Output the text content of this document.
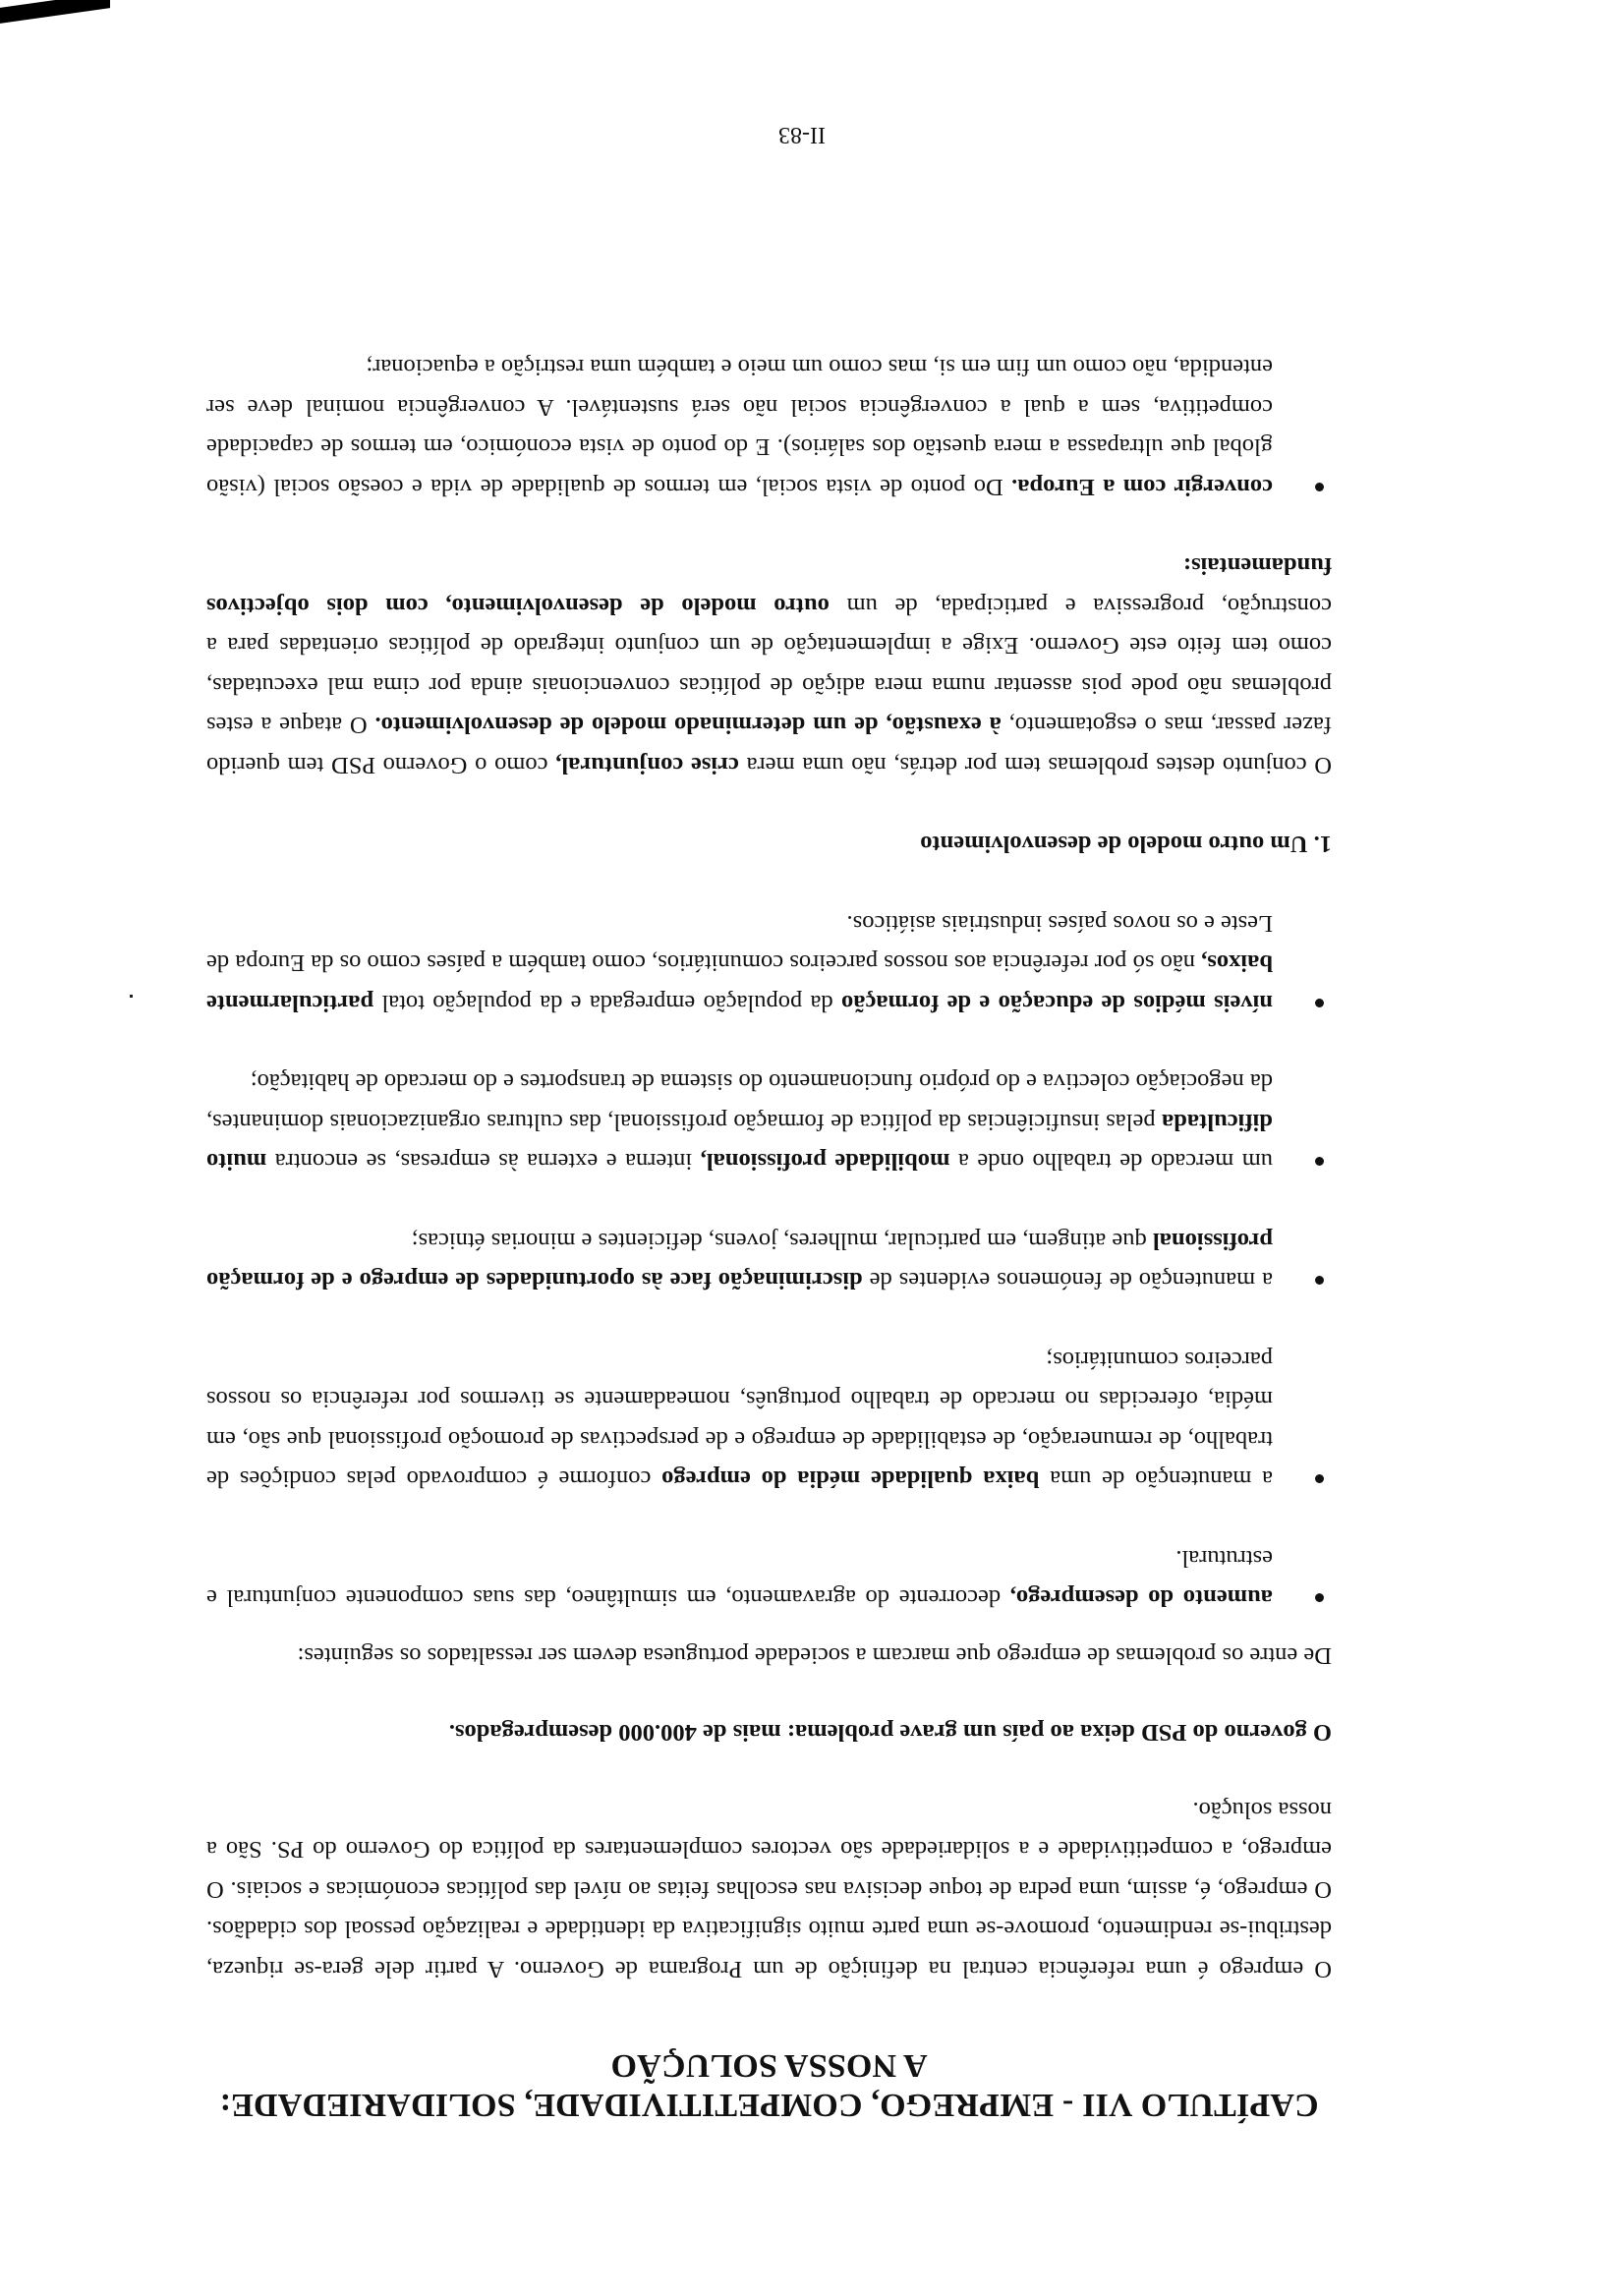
CAPÍTULO VII - EMPREGO, COMPETITIVIDADE, SOLIDARIEDADE:
A NOSSA SOLUÇÃO

O emprego é uma referência central na definição de um Programa de Governo. A partir dele gera-se riqueza, destribui-se rendimento, promove-se uma parte muito significativa da identidade e realização pessoal dos cidadãos. O emprego, é, assim, uma pedra de toque decisiva nas escolhas feitas ao nível das políticas económicas e sociais. O emprego, a competitividade e a solidariedade são vectores complementares da política do Governo do PS. São a nossa solução.

O governo do PSD deixa ao país um grave problema: mais de 400.000 desempregados.

De entre os problemas de emprego que marcam a sociedade portuguesa devem ser ressaltados os seguintes:

aumento do desemprego, decorrente do agravamento, em simultâneo, das suas componente conjuntural e estrutural.
a manutenção de uma baixa qualidade média do emprego conforme é comprovado pelas condições de trabalho, de remuneração, de estabilidade de emprego e de perspectivas de promoção profissional que são, em média, oferecidas no mercado de trabalho português, nomeadamente se tivermos por referência os nossos parceiros comunitários;
a manutenção de fenómenos evidentes de discriminação face às oportunidades de emprego e de formação profissional que atingem, em particular, mulheres, jovens, deficientes e minorias étnicas;
um mercado de trabalho onde a mobilidade profissional, interna e externa às empresas, se encontra muito dificultada pelas insuficiências da política de formação profissional, das culturas organizacionais dominantes, da negociação colectiva e do próprio funcionamento do sistema de transportes e do mercado de habitação;
níveis médios de educação e de formação da população empregada e da população total particularmente baixos, não só por referência aos nossos parceiros comunitários, como também a países como os da Europa de Leste e os novos países industriais asiáticos.

1. Um outro modelo de desenvolvimento

O conjunto destes problemas tem por detrás, não uma mera crise conjuntural, como o Governo PSD tem querido fazer passar, mas o esgotamento, à exaustão, de um determinado modelo de desenvolvimento. O ataque a estes problemas não pode pois assentar numa mera adição de políticas convencionais ainda por cima mal executadas, como tem feito este Governo. Exige a implementação de um conjunto integrado de políticas orientadas para a construção, progressiva e participada, de um outro modelo de desenvolvimento, com dois objectivos fundamentais:

convergir com a Europa. Do ponto de vista social, em termos de qualidade de vida e coesão social (visão global que ultrapassa a mera questão dos salários). E do ponto de vista económico, em termos de capacidade competitiva, sem a qual a convergência social não será sustentável. A convergência nominal deve ser entendida, não como um fim em si, mas como um meio e também uma restrição a equacionar;
II-83
